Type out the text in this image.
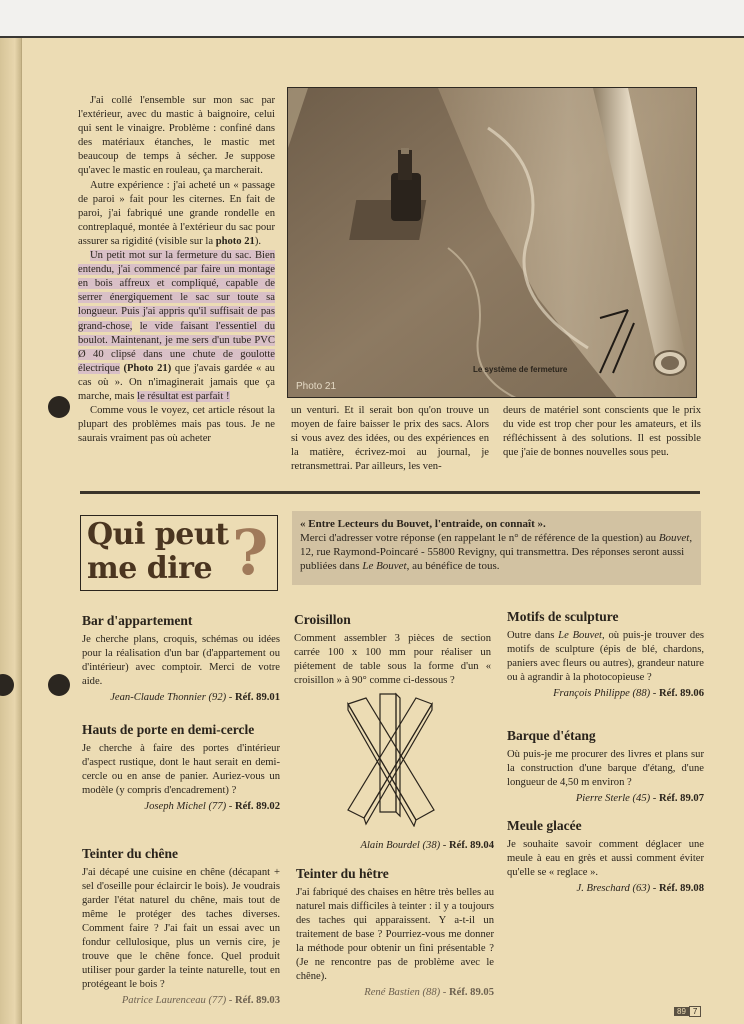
J'ai collé l'ensemble sur mon sac par l'extérieur, avec du mastic à baignoire, celui qui sent le vinaigre. Problème : confiné dans des matériaux étanches, le mastic met beaucoup de temps à sécher. Je suppose qu'avec le mastic en rouleau, ça marcherait.

Autre expérience : j'ai acheté un « passage de paroi » fait pour les citernes. En fait de paroi, j'ai fabriqué une grande rondelle en contreplaqué, montée à l'extérieur du sac pour assurer sa rigidité (visible sur la photo 21).

Un petit mot sur la fermeture du sac. Bien entendu, j'ai commencé par faire un montage en bois affreux et compliqué, capable de serrer énergiquement le sac sur toute sa longueur. Puis j'ai appris qu'il suffisait de pas grand-chose, le vide faisant l'essentiel du boulot. Maintenant, je me sers d'un tube PVC Ø 40 clipsé dans une chute de goulotte électrique (Photo 21) que j'avais gardée « au cas où ». On n'imaginerait jamais que ça marche, mais le résultat est parfait !

Comme vous le voyez, cet article résout la plupart des problèmes mais pas tous. Je ne saurais vraiment pas où acheter

Le système de fermeture
Photo 21

un venturi. Et il serait bon qu'on trouve un moyen de faire baisser le prix des sacs. Alors si vous avez des idées, ou des expériences en la matière, écrivez-moi au journal, je retransmettrai. Par ailleurs, les ven-

deurs de matériel sont conscients que le prix du vide est trop cher pour les amateurs, et ils réfléchissent à des solutions. Il est possible que j'aie de bonnes nouvelles sous peu.

Qui peut
me dire ?	« Entre Lecteurs du Bouvet, l'entraide, on connaît ».
Merci d'adresser votre réponse (en rappelant le n° de référence de la question) au Bouvet, 12, rue Raymond-Poincaré - 55800 Revigny, qui transmettra. Des réponses seront aussi publiées dans Le Bouvet, au bénéfice de tous.
Bar d'appartement
Je cherche plans, croquis, schémas ou idées pour la réalisation d'un bar (d'appartement ou d'intérieur) avec comptoir. Merci de votre aide.
Jean-Claude Thonnier (92) - Réf. 89.01
Hauts de porte en demi-cercle
Je cherche à faire des portes d'intérieur d'aspect rustique, dont le haut serait en demi-cercle ou en anse de panier. Auriez-vous un modèle (y compris d'encadrement) ?
Joseph Michel (77) - Réf. 89.02
Teinter du chêne
J'ai décapé une cuisine en chêne (décapant + sel d'oseille pour éclaircir le bois). Je voudrais garder l'état naturel du chêne, mais tout de même le protéger des taches diverses. Comment faire ? J'ai fait un essai avec un fondur cellulosique, plus un vernis cire, je trouve que le chêne fonce. Quel produit utiliser pour garder la teinte naturelle, tout en protégeant le bois ?
Patrice Laurenceau (77) - Réf. 89.03
Croisillon
Comment assembler 3 pièces de section carrée 100 x 100 mm pour réaliser un piétement de table sous la forme d'un « croisillon » à 90° comme ci-dessous ?
Alain Bourdel (38) - Réf. 89.04
Teinter du hêtre
J'ai fabriqué des chaises en hêtre très belles au naturel mais difficiles à teinter : il y a toujours des taches qui apparaissent. Y a-t-il un traitement de base ? Pourriez-vous me donner la méthode pour obtenir un fini présentable ? (Je ne rencontre pas de problème avec le chêne).
René Bastien (88) - Réf. 89.05
Motifs de sculpture
Outre dans Le Bouvet, où puis-je trouver des motifs de sculpture (épis de blé, chardons, paniers avec fleurs ou autres), grandeur nature ou à agrandir à la photocopieuse ?
François Philippe (88) - Réf. 89.06
Barque d'étang
Où puis-je me procurer des livres et plans sur la construction d'une barque d'étang, d'une longueur de 4,50 m environ ?
Pierre Sterle (45) - Réf. 89.07
Meule glacée
Je souhaite savoir comment déglacer une meule à eau en grès et aussi comment éviter qu'elle se « reglace ».
J. Breschard (63) - Réf. 89.08
89 7
